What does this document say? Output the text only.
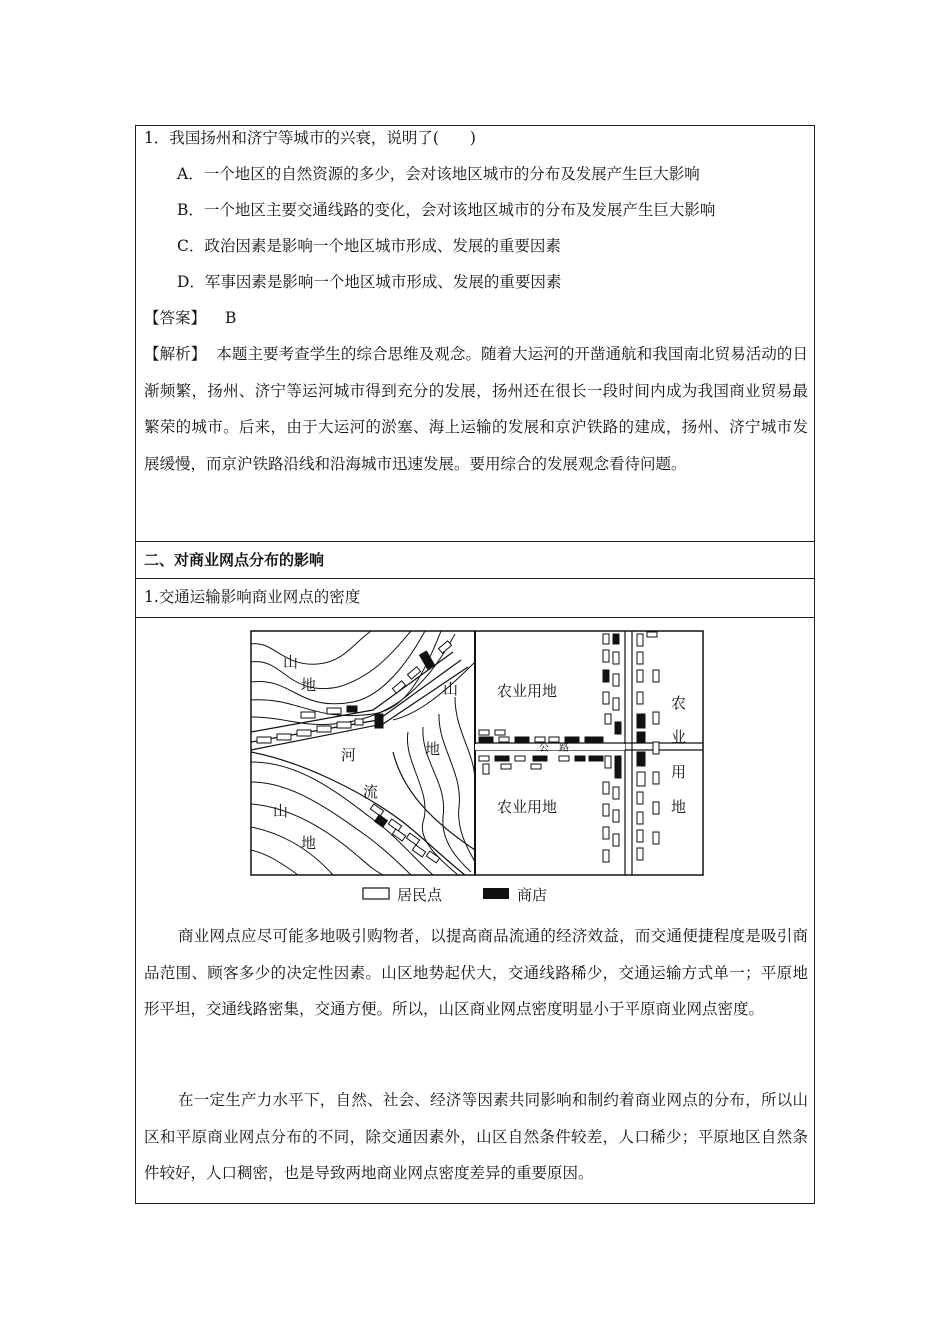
1．我国扬州和济宁等城市的兴衰，说明了(　　)
A．一个地区的自然资源的多少，会对该地区城市的分布及发展产生巨大影响
B．一个地区主要交通线路的变化，会对该地区城市的分布及发展产生巨大影响
C．政治因素是影响一个地区城市形成、发展的重要因素
D．军事因素是影响一个地区城市形成、发展的重要因素
【答案】 B
【解析】 本题主要考查学生的综合思维及观念。随着大运河的开凿通航和我国南北贸易活动的日渐频繁，扬州、济宁等运河城市得到充分的发展，扬州还在很长一段时间内成为我国商业贸易最繁荣的城市。后来，由于大运河的淤塞、海上运输的发展和京沪铁路的建成，扬州、济宁城市发展缓慢，而京沪铁路沿线和沿海城市迅速发展。要用综合的发展观念看待问题。
二、对商业网点分布的影响
1.交通运输影响商业网点的密度
山
地	山
地
河
流
山
地
农业用地
农业用地
农
业
用
地
公　路
居民点	商店
商业网点应尽可能多地吸引购物者，以提高商品流通的经济效益，而交通便捷程度是吸引商品范围、顾客多少的决定性因素。山区地势起伏大，交通线路稀少，交通运输方式单一；平原地形平坦，交通线路密集，交通方便。所以，山区商业网点密度明显小于平原商业网点密度。
在一定生产力水平下，自然、社会、经济等因素共同影响和制约着商业网点的分布，所以山区和平原商业网点分布的不同，除交通因素外，山区自然条件较差，人口稀少；平原地区自然条件较好，人口稠密，也是导致两地商业网点密度差异的重要原因。
